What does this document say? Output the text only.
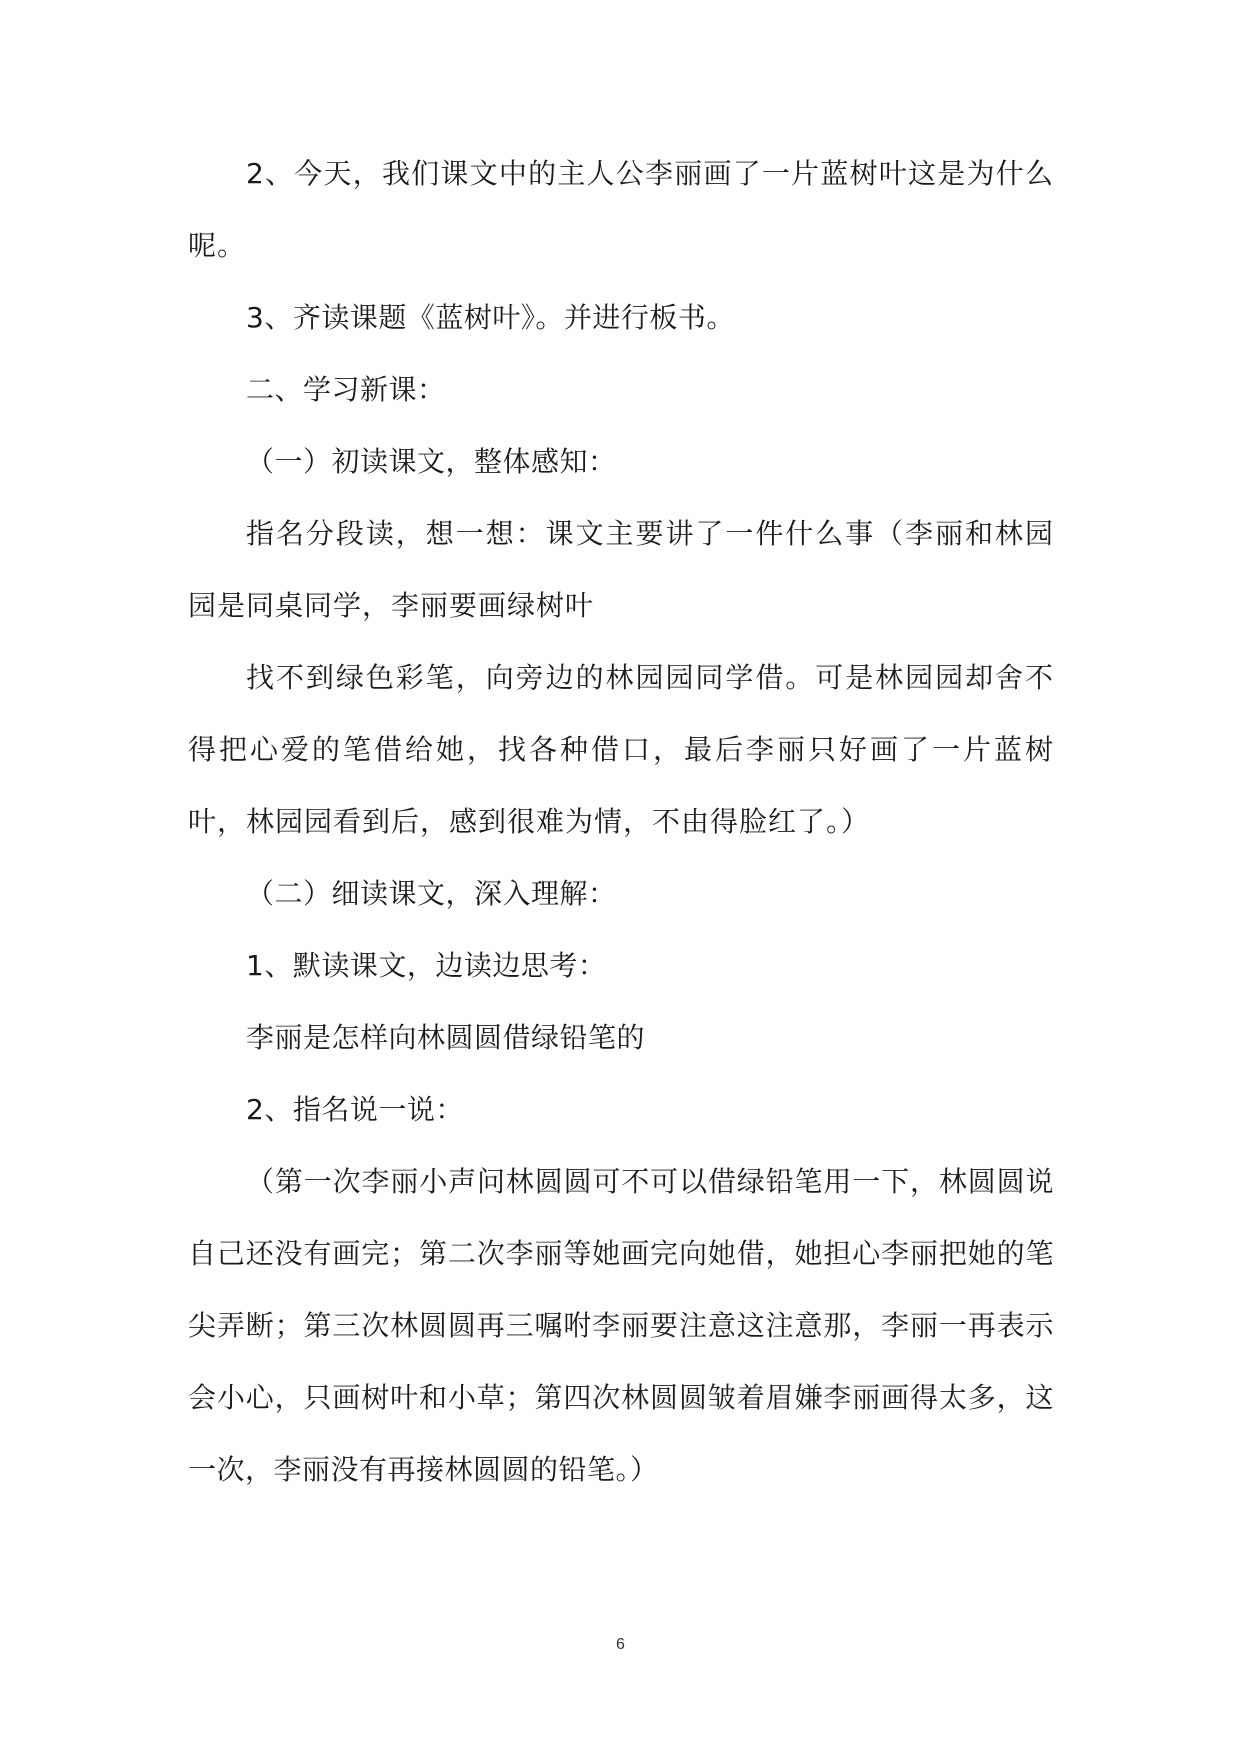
2、今天，我们课文中的主人公李丽画了一片蓝树叶这是为什么呢。

3、齐读课题《蓝树叶》。并进行板书。

二、学习新课：

（一）初读课文，整体感知：

指名分段读，想一想：课文主要讲了一件什么事（李丽和林园园是同桌同学，李丽要画绿树叶

找不到绿色彩笔，向旁边的林园园同学借。可是林园园却舍不得把心爱的笔借给她，找各种借口，最后李丽只好画了一片蓝树叶，林园园看到后，感到很难为情，不由得脸红了。）

（二）细读课文，深入理解：

1、默读课文，边读边思考：

李丽是怎样向林圆圆借绿铅笔的

2、指名说一说：

（第一次李丽小声问林圆圆可不可以借绿铅笔用一下，林圆圆说自己还没有画完；第二次李丽等她画完向她借，她担心李丽把她的笔尖弄断；第三次林圆圆再三嘱咐李丽要注意这注意那，李丽一再表示会小心，只画树叶和小草；第四次林圆圆皱着眉嫌李丽画得太多，这一次，李丽没有再接林圆圆的铅笔。）

6
